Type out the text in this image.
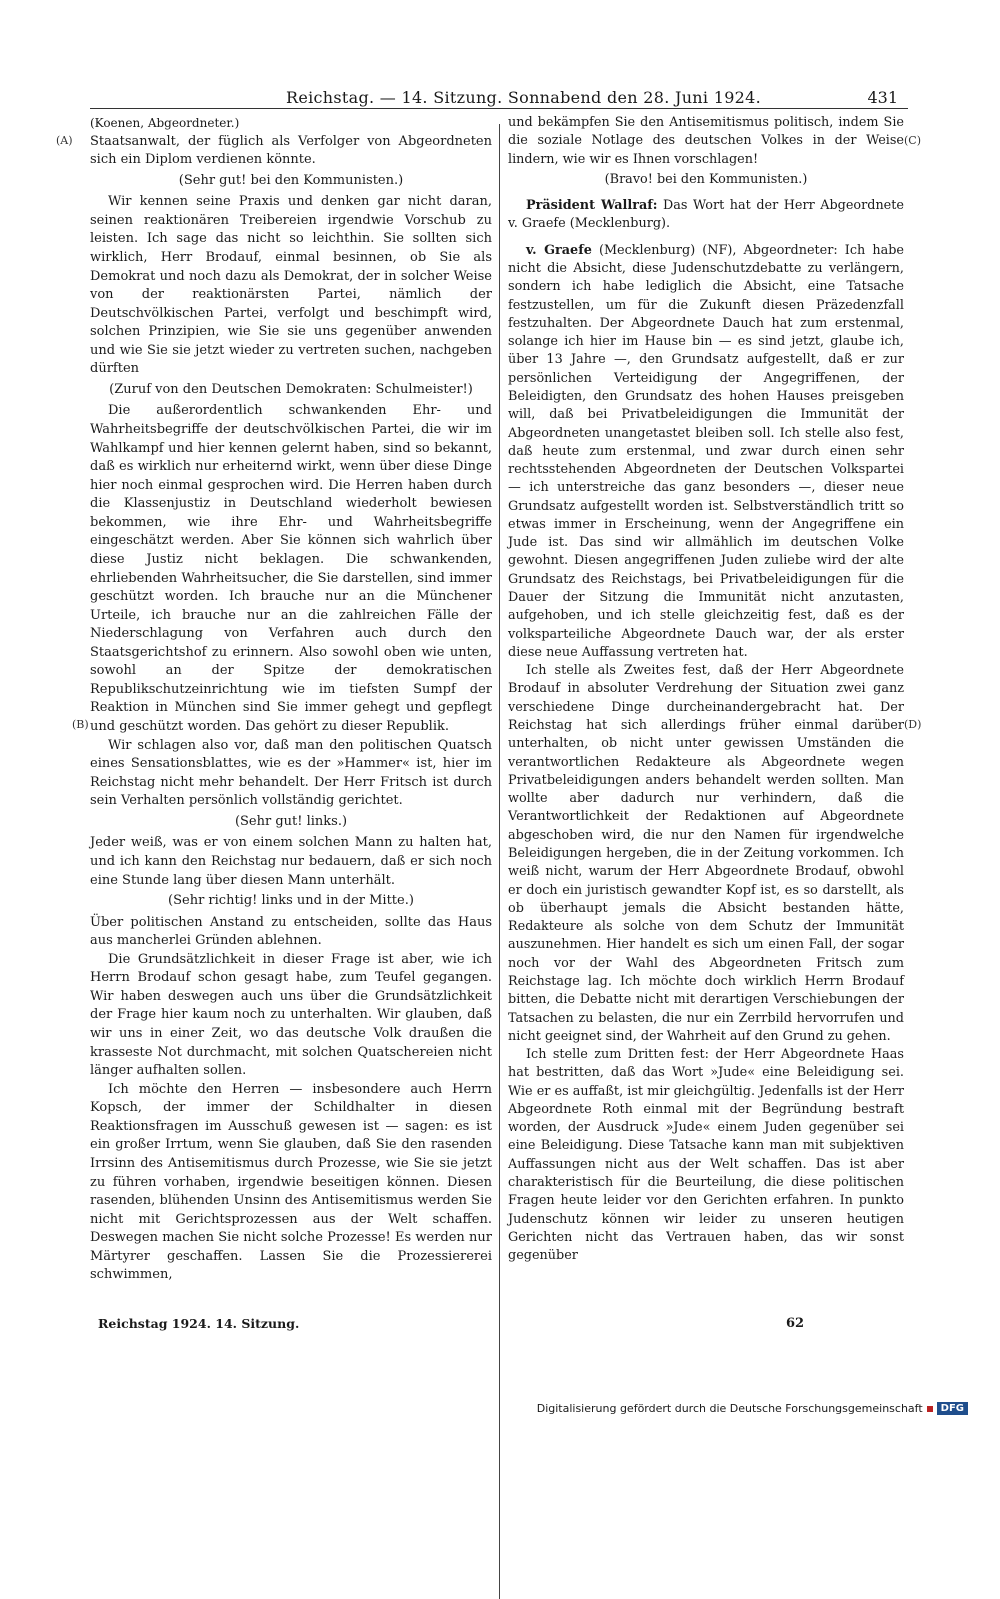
Reichstag. — 14. Sitzung. Sonnabend den 28. Juni 1924.	431
(A)
(B)
(C)
(D)

(Koenen, Abgeordneter.)

Staatsanwalt, der füglich als Verfolger von Abgeordneten sich ein Diplom verdienen könnte.

(Sehr gut! bei den Kommunisten.)

Wir kennen seine Praxis und denken gar nicht daran, seinen reaktionären Treibereien irgendwie Vorschub zu leisten. Ich sage das nicht so leichthin. Sie sollten sich wirklich, Herr Brodauf, einmal besinnen, ob Sie als Demokrat und noch dazu als Demokrat, der in solcher Weise von der reaktionärsten Partei, nämlich der Deutschvölkischen Partei, verfolgt und beschimpft wird, solchen Prinzipien, wie Sie sie uns gegenüber anwenden und wie Sie sie jetzt wieder zu vertreten suchen, nachgeben dürften

(Zuruf von den Deutschen Demokraten: Schulmeister!)

Die außerordentlich schwankenden Ehr- und Wahrheitsbegriffe der deutschvölkischen Partei, die wir im Wahlkampf und hier kennen gelernt haben, sind so bekannt, daß es wirklich nur erheiternd wirkt, wenn über diese Dinge hier noch einmal gesprochen wird. Die Herren haben durch die Klassenjustiz in Deutschland wiederholt bewiesen bekommen, wie ihre Ehr- und Wahrheitsbegriffe eingeschätzt werden. Aber Sie können sich wahrlich über diese Justiz nicht beklagen. Die schwankenden, ehrliebenden Wahrheitsucher, die Sie darstellen, sind immer geschützt worden. Ich brauche nur an die Münchener Urteile, ich brauche nur an die zahlreichen Fälle der Niederschlagung von Verfahren auch durch den Staatsgerichtshof zu erinnern. Also sowohl oben wie unten, sowohl an der Spitze der demokratischen Republikschutzeinrichtung wie im tiefsten Sumpf der Reaktion in München sind Sie immer gehegt und gepflegt und geschützt worden. Das gehört zu dieser Republik.

Wir schlagen also vor, daß man den politischen Quatsch eines Sensationsblattes, wie es der »Hammer« ist, hier im Reichstag nicht mehr behandelt. Der Herr Fritsch ist durch sein Verhalten persönlich vollständig gerichtet.

(Sehr gut! links.)

Jeder weiß, was er von einem solchen Mann zu halten hat, und ich kann den Reichstag nur bedauern, daß er sich noch eine Stunde lang über diesen Mann unterhält.

(Sehr richtig! links und in der Mitte.)

Über politischen Anstand zu entscheiden, sollte das Haus aus mancherlei Gründen ablehnen.

Die Grundsätzlichkeit in dieser Frage ist aber, wie ich Herrn Brodauf schon gesagt habe, zum Teufel gegangen. Wir haben deswegen auch uns über die Grundsätzlichkeit der Frage hier kaum noch zu unterhalten. Wir glauben, daß wir uns in einer Zeit, wo das deutsche Volk draußen die krasseste Not durchmacht, mit solchen Quatschereien nicht länger aufhalten sollen.

Ich möchte den Herren — insbesondere auch Herrn Kopsch, der immer der Schildhalter in diesen Reaktionsfragen im Ausschuß gewesen ist — sagen: es ist ein großer Irrtum, wenn Sie glauben, daß Sie den rasenden Irrsinn des Antisemitismus durch Prozesse, wie Sie sie jetzt zu führen vorhaben, irgendwie beseitigen können. Diesen rasenden, blühenden Unsinn des Antisemitismus werden Sie nicht mit Gerichtsprozessen aus der Welt schaffen. Deswegen machen Sie nicht solche Prozesse! Es werden nur Märtyrer geschaffen. Lassen Sie die Prozessiererei schwimmen,

und bekämpfen Sie den Antisemitismus politisch, indem Sie die soziale Notlage des deutschen Volkes in der Weise lindern, wie wir es Ihnen vorschlagen!

(Bravo! bei den Kommunisten.)

Präsident Wallraf: Das Wort hat der Herr Abgeordnete v. Graefe (Mecklenburg).

v. Graefe (Mecklenburg) (NF), Abgeordneter: Ich habe nicht die Absicht, diese Judenschutzdebatte zu verlängern, sondern ich habe lediglich die Absicht, eine Tatsache festzustellen, um für die Zukunft diesen Präzedenzfall festzuhalten. Der Abgeordnete Dauch hat zum erstenmal, solange ich hier im Hause bin — es sind jetzt, glaube ich, über 13 Jahre —, den Grundsatz aufgestellt, daß er zur persönlichen Verteidigung der Angegriffenen, der Beleidigten, den Grundsatz des hohen Hauses preisgeben will, daß bei Privatbeleidigungen die Immunität der Abgeordneten unangetastet bleiben soll. Ich stelle also fest, daß heute zum erstenmal, und zwar durch einen sehr rechtsstehenden Abgeordneten der Deutschen Volkspartei — ich unterstreiche das ganz besonders —, dieser neue Grundsatz aufgestellt worden ist. Selbstverständlich tritt so etwas immer in Erscheinung, wenn der Angegriffene ein Jude ist. Das sind wir allmählich im deutschen Volke gewohnt. Diesen angegriffenen Juden zuliebe wird der alte Grundsatz des Reichstags, bei Privatbeleidigungen für die Dauer der Sitzung die Immunität nicht anzutasten, aufgehoben, und ich stelle gleichzeitig fest, daß es der volksparteiliche Abgeordnete Dauch war, der als erster diese neue Auffassung vertreten hat.

Ich stelle als Zweites fest, daß der Herr Abgeordnete Brodauf in absoluter Verdrehung der Situation zwei ganz verschiedene Dinge durcheinandergebracht hat. Der Reichstag hat sich allerdings früher einmal darüber unterhalten, ob nicht unter gewissen Umständen die verantwortlichen Redakteure als Abgeordnete wegen Privatbeleidigungen anders behandelt werden sollten. Man wollte aber dadurch nur verhindern, daß die Verantwortlichkeit der Redaktionen auf Abgeordnete abgeschoben wird, die nur den Namen für irgendwelche Beleidigungen hergeben, die in der Zeitung vorkommen. Ich weiß nicht, warum der Herr Abgeordnete Brodauf, obwohl er doch ein juristisch gewandter Kopf ist, es so darstellt, als ob überhaupt jemals die Absicht bestanden hätte, Redakteure als solche von dem Schutz der Immunität auszunehmen. Hier handelt es sich um einen Fall, der sogar noch vor der Wahl des Abgeordneten Fritsch zum Reichstage lag. Ich möchte doch wirklich Herrn Brodauf bitten, die Debatte nicht mit derartigen Verschiebungen der Tatsachen zu belasten, die nur ein Zerrbild hervorrufen und nicht geeignet sind, der Wahrheit auf den Grund zu gehen.

Ich stelle zum Dritten fest: der Herr Abgeordnete Haas hat bestritten, daß das Wort »Jude« eine Beleidigung sei. Wie er es auffaßt, ist mir gleichgültig. Jedenfalls ist der Herr Abgeordnete Roth einmal mit der Begründung bestraft worden, der Ausdruck »Jude« einem Juden gegenüber sei eine Beleidigung. Diese Tatsache kann man mit subjektiven Auffassungen nicht aus der Welt schaffen. Das ist aber charakteristisch für die Beurteilung, die diese politischen Fragen heute leider vor den Gerichten erfahren. In punkto Judenschutz können wir leider zu unseren heutigen Gerichten nicht das Vertrauen haben, das wir sonst gegenüber

Reichstag 1924. 14. Sitzung.	62
Digitalisierung gefördert durch die Deutsche Forschungsgemeinschaft	DFG
